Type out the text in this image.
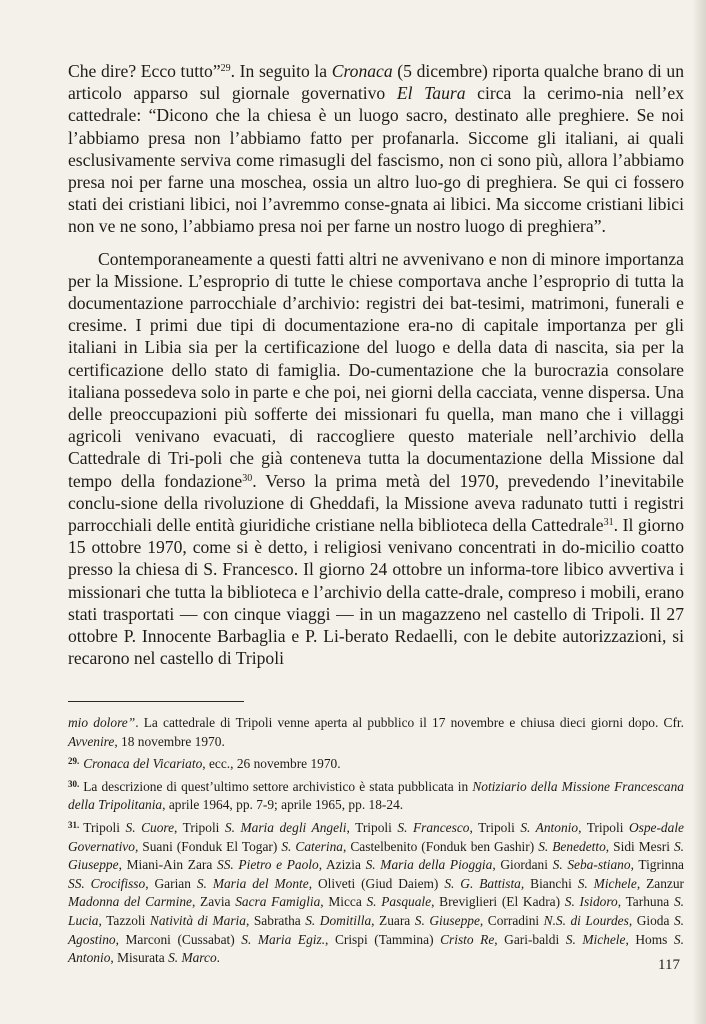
Che dire? Ecco tutto”$^{29}$. In seguito la Cronaca (5 dicembre) riporta qualche brano di un articolo apparso sul giornale governativo El Taura circa la cerimo-nia nell’ex cattedrale: “Dicono che la chiesa è un luogo sacro, destinato alle preghiere. Se noi l’abbiamo presa non l’abbiamo fatto per profanarla. Siccome gli italiani, ai quali esclusivamente serviva come rimasugli del fascismo, non ci sono più, allora l’abbiamo presa noi per farne una moschea, ossia un altro luo-go di preghiera. Se qui ci fossero stati dei cristiani libici, noi l’avremmo conse-gnata ai libici. Ma siccome cristiani libici non ve ne sono, l’abbiamo presa noi per farne un nostro luogo di preghiera”.

Contemporaneamente a questi fatti altri ne avvenivano e non di minore importanza per la Missione. L’esproprio di tutte le chiese comportava anche l’esproprio di tutta la documentazione parrocchiale d’archivio: registri dei bat-tesimi, matrimoni, funerali e cresime. I primi due tipi di documentazione era-no di capitale importanza per gli italiani in Libia sia per la certificazione del luogo e della data di nascita, sia per la certificazione dello stato di famiglia. Do-cumentazione che la burocrazia consolare italiana possedeva solo in parte e che poi, nei giorni della cacciata, venne dispersa. Una delle preoccupazioni più sofferte dei missionari fu quella, man mano che i villaggi agricoli venivano evacuati, di raccogliere questo materiale nell’archivio della Cattedrale di Tri-poli che già conteneva tutta la documentazione della Missione dal tempo della fondazione$^{30}$. Verso la prima metà del 1970, prevedendo l’inevitabile conclu-sione della rivoluzione di Gheddafi, la Missione aveva radunato tutti i registri parrocchiali delle entità giuridiche cristiane nella biblioteca della Cattedrale$^{31}$. Il giorno 15 ottobre 1970, come si è detto, i religiosi venivano concentrati in do-micilio coatto presso la chiesa di S. Francesco. Il giorno 24 ottobre un informa-tore libico avvertiva i missionari che tutta la biblioteca e l’archivio della catte-drale, compreso i mobili, erano stati trasportati — con cinque viaggi — in un magazzeno nel castello di Tripoli. Il 27 ottobre P. Innocente Barbaglia e P. Li-berato Redaelli, con le debite autorizzazioni, si recarono nel castello di Tripoli

mio dolore”. La cattedrale di Tripoli venne aperta al pubblico il 17 novembre e chiusa dieci giorni dopo. Cfr. Avvenire, 18 novembre 1970.

$^{29.}$ Cronaca del Vicariato, ecc., 26 novembre 1970.

$^{30.}$ La descrizione di quest’ultimo settore archivistico è stata pubblicata in Notiziario della Missione Francescana della Tripolitania, aprile 1964, pp. 7-9; aprile 1965, pp. 18-24.

$^{31.}$ Tripoli S. Cuore, Tripoli S. Maria degli Angeli, Tripoli S. Francesco, Tripoli S. Antonio, Tripoli Ospe-dale Governativo, Suani (Fonduk El Togar) S. Caterina, Castelbenito (Fonduk ben Gashir) S. Benedetto, Sidi Mesri S. Giuseppe, Miani-Ain Zara SS. Pietro e Paolo, Azizia S. Maria della Pioggia, Giordani S. Seba-stiano, Tigrinna SS. Crocifisso, Garian S. Maria del Monte, Oliveti (Giud Daiem) S. G. Battista, Bianchi S. Michele, Zanzur Madonna del Carmine, Zavia Sacra Famiglia, Micca S. Pasquale, Breviglieri (El Kadra) S. Isidoro, Tarhuna S. Lucia, Tazzoli Natività di Maria, Sabratha S. Domitilla, Zuara S. Giuseppe, Corradini N.S. di Lourdes, Gioda S. Agostino, Marconi (Cussabat) S. Maria Egiz., Crispi (Tammina) Cristo Re, Gari-baldi S. Michele, Homs S. Antonio, Misurata S. Marco.	117
